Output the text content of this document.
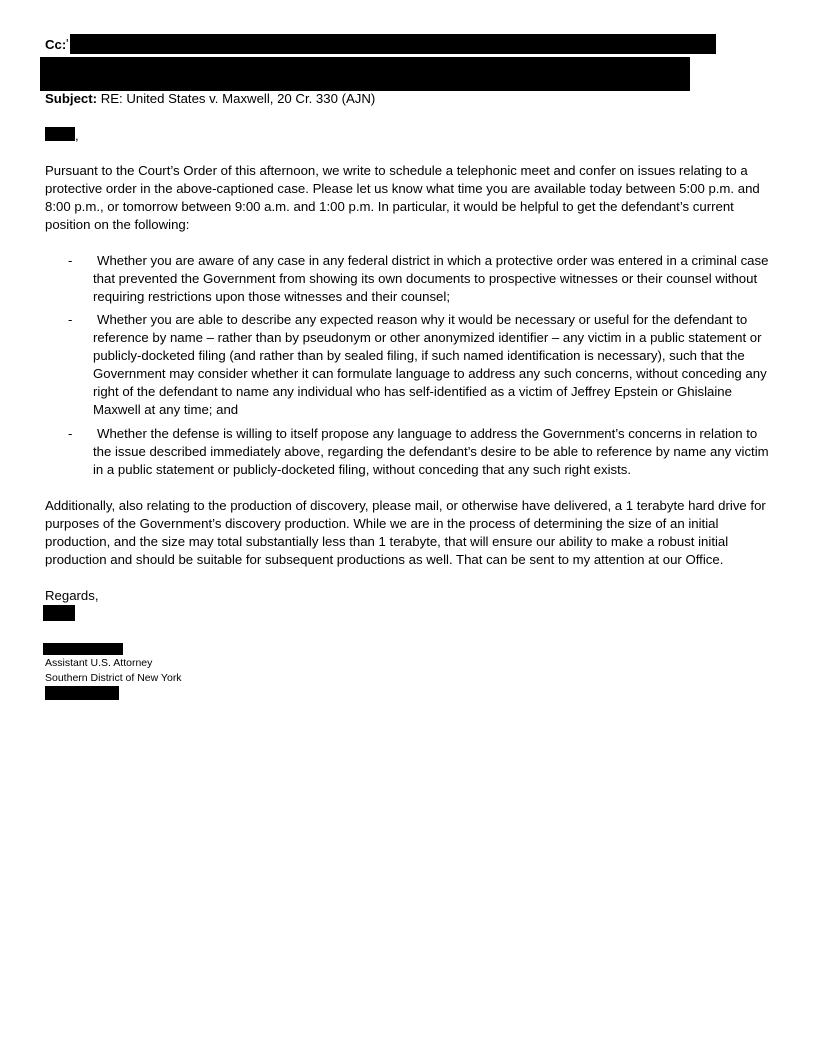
Cc: '
Subject: RE: United States v. Maxwell, 20 Cr. 330 (AJN)
,
Pursuant to the Court’s Order of this afternoon, we write to schedule a telephonic meet and confer on issues relating to a protective order in the above-captioned case. Please let us know what time you are available today between 5:00 p.m. and 8:00 p.m., or tomorrow between 9:00 a.m. and 1:00 p.m. In particular, it would be helpful to get the defendant’s current position on the following:
-	Whether you are aware of any case in any federal district in which a protective order was entered in a criminal case that prevented the Government from showing its own documents to prospective witnesses or their counsel without requiring restrictions upon those witnesses and their counsel;
-	Whether you are able to describe any expected reason why it would be necessary or useful for the defendant to reference by name – rather than by pseudonym or other anonymized identifier – any victim in a public statement or publicly-docketed filing (and rather than by sealed filing, if such named identification is necessary), such that the Government may consider whether it can formulate language to address any such concerns, without conceding any right of the defendant to name any individual who has self-identified as a victim of Jeffrey Epstein or Ghislaine Maxwell at any time; and
-	Whether the defense is willing to itself propose any language to address the Government’s concerns in relation to the issue described immediately above, regarding the defendant’s desire to be able to reference by name any victim in a public statement or publicly-docketed filing, without conceding that any such right exists.
Additionally, also relating to the production of discovery, please mail, or otherwise have delivered, a 1 terabyte hard drive for purposes of the Government’s discovery production. While we are in the process of determining the size of an initial production, and the size may total substantially less than 1 terabyte, that will ensure our ability to make a robust initial production and should be suitable for subsequent productions as well. That can be sent to my attention at our Office.
Regards,
Assistant U.S. Attorney
Southern District of New York
